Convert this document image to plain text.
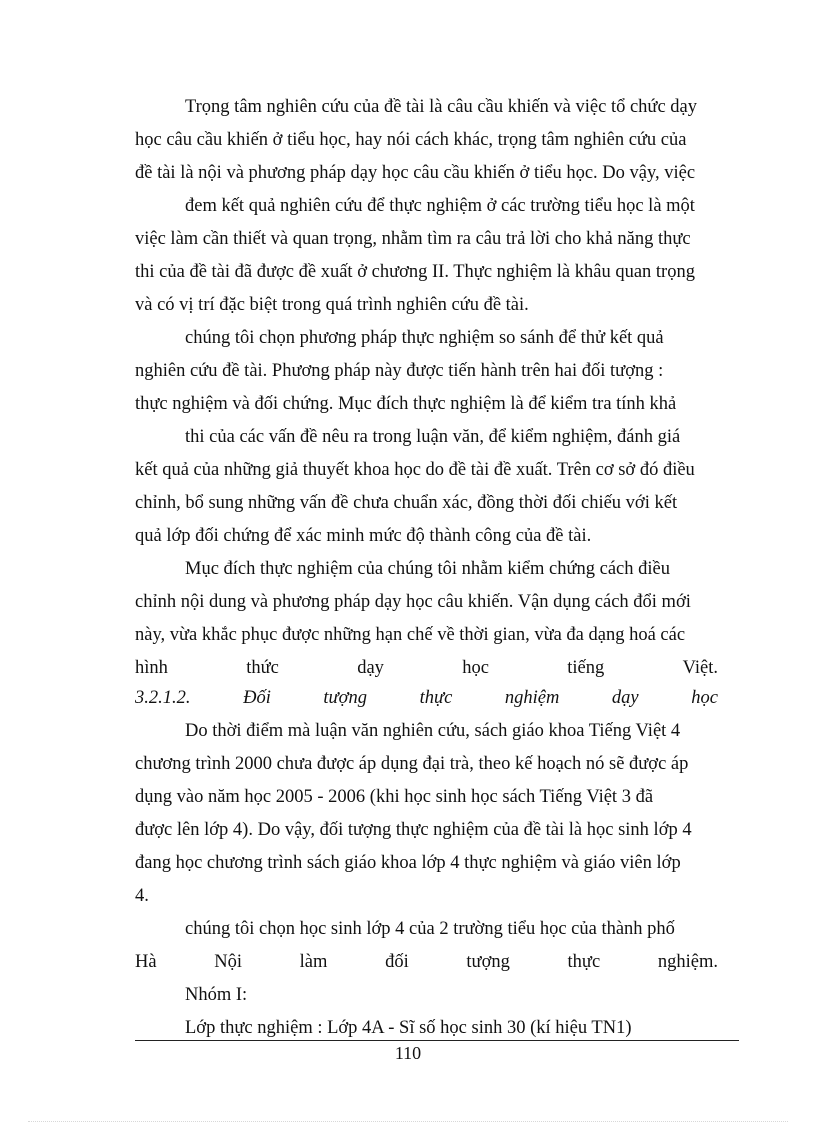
Trọng tâm nghiên cứu của đề tài là câu cầu khiến và việc tổ chức dạy
học câu cầu khiến ở tiểu học, hay nói cách khác, trọng tâm nghiên cứu của
đề tài là nội và phương pháp dạy học câu cầu khiến ở tiểu học. Do vậy, việc
đem kết quả nghiên cứu để thực nghiệm ở các trường tiểu học là một
việc làm cần thiết và quan trọng, nhằm tìm ra câu trả lời cho khả năng thực
thi của đề tài đã được đề xuất ở chương II. Thực nghiệm là khâu quan trọng
và có vị trí đặc biệt trong quá trình nghiên cứu đề tài.
chúng tôi chọn phương pháp thực nghiệm so sánh để thử kết quả
nghiên cứu đề tài. Phương pháp này được tiến hành trên hai đối tượng :
thực nghiệm và đối chứng. Mục đích thực nghiệm là để kiểm tra tính khả
thi của các vấn đề nêu ra trong luận văn, để kiểm nghiệm, đánh giá
kết quả của những giả thuyết khoa học do đề tài đề xuất. Trên cơ sở đó điều
chỉnh, bổ sung những vấn đề chưa chuẩn xác, đồng thời đối chiếu với kết
quả lớp đối chứng để xác minh mức độ thành công của đề tài.
Mục đích thực nghiệm của chúng tôi nhằm kiểm chứng cách điều
chỉnh nội dung và phương pháp dạy học câu khiến. Vận dụng cách đổi mới
này, vừa khắc phục được những hạn chế về thời gian, vừa đa dạng hoá các
hình	thức	dạy	học	tiếng	Việt.
3.2.1.2.	Đối	tượng	thực	nghiệm	dạy	học
Do thời điểm mà luận văn nghiên cứu, sách giáo khoa Tiếng Việt 4
chương trình 2000 chưa được áp dụng đại trà, theo kế hoạch nó sẽ được áp
dụng vào năm học 2005 - 2006 (khi học sinh học sách Tiếng Việt 3 đã
được lên lớp 4). Do vậy, đối tượng thực nghiệm của đề tài là học sinh lớp 4
đang học chương trình sách giáo khoa lớp 4 thực nghiệm và giáo viên lớp
4.
chúng tôi chọn học sinh lớp 4 của 2 trường tiểu học của thành phố
Hà	Nội	làm	đối	tượng	thực	nghiệm.
Nhóm I:
Lớp thực nghiệm : Lớp 4A - Sĩ số học sinh 30 (kí hiệu TN1)
110
